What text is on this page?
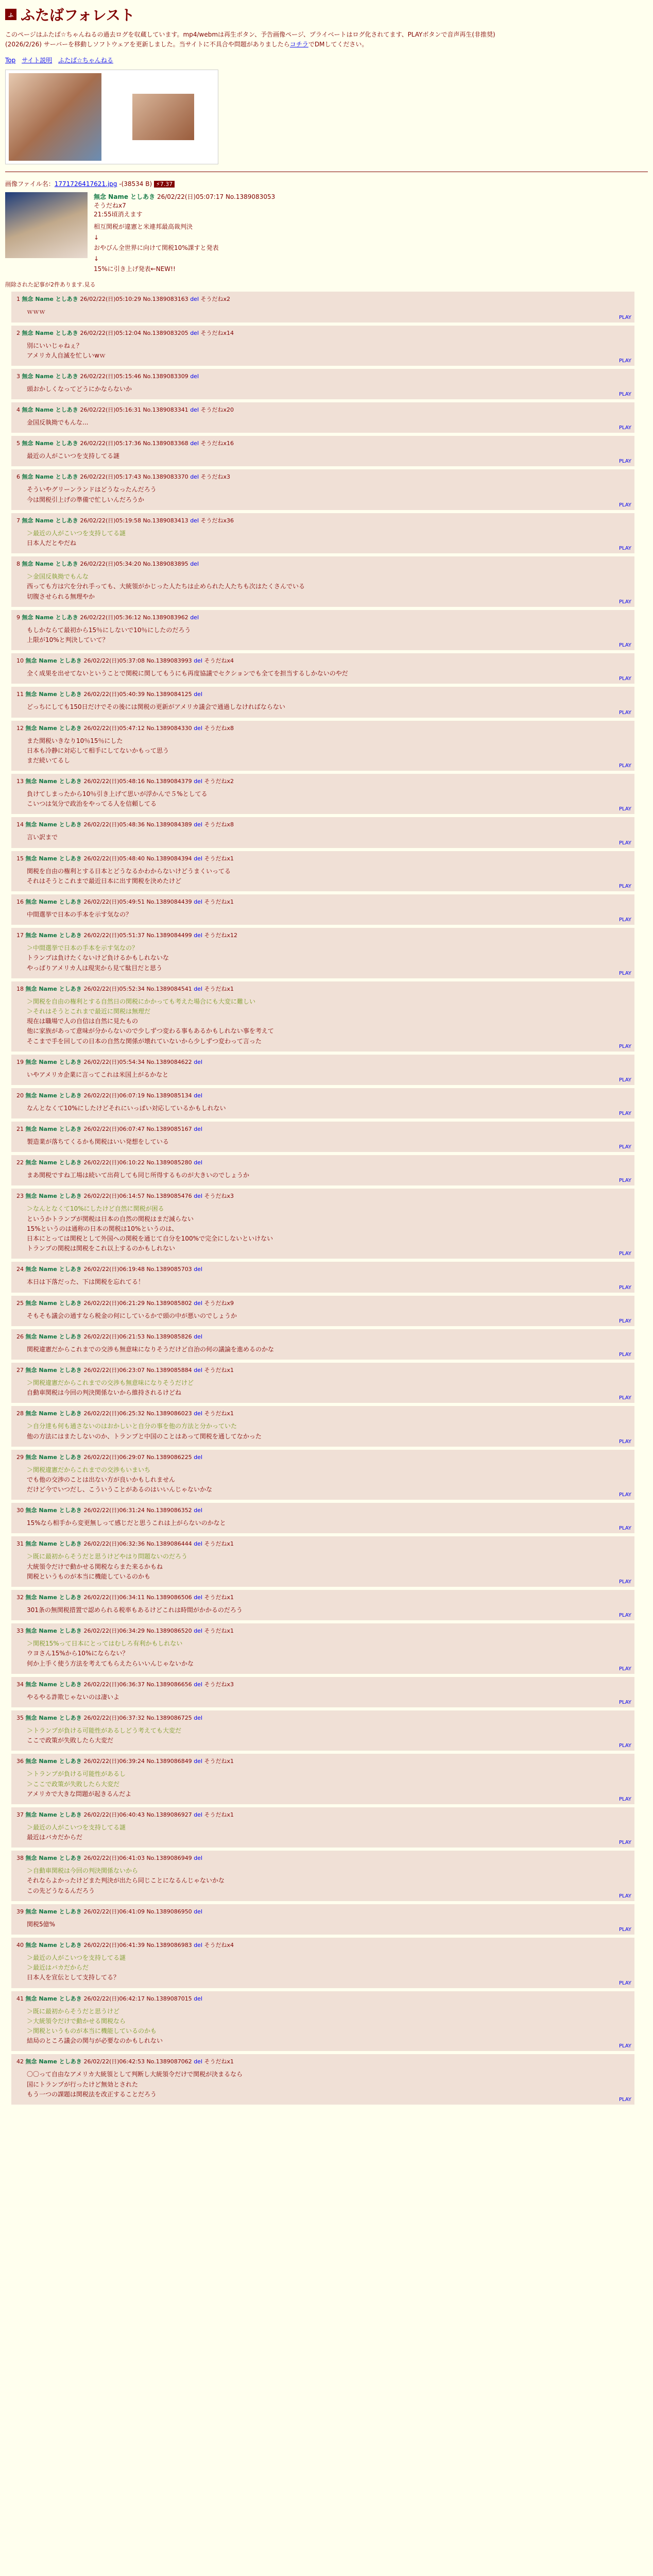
ふ ふたばフォレスト
このページはふたば☆ちゃんねるの過去ログを収蔵しています。mp4/webmは再生ボタン、予告画像ページ、プライベートはログ化されてます、PLAYボタンで音声再生(非推奨)
(2026/2/26) サーバーを移動しソフトウェアを更新しました。当サイトに不具合や問題がありましたらコチラでDMしてください。
Top サイト説明 ふたば☆ちゃんねる
画像ファイル名：1771726417621.jpg -(38534 B) ⚡7.37
無念 Name としあき 26/02/22(日)05:07:17 No.1389083053
そうだねx7
21:55頃消えます
相互関税が違憲と米連邦最高裁判決
↓
おやびん全世界に向けて関税10%課すと発表
↓
15%に引き上げ発表←NEW!!
削除された記事が2件あります.見る
1 無念 Name としあき 26/02/22(日)05:10:29 No.1389083163 del そうだねx2
ｗｗｗ
PLAY
2 無念 Name としあき 26/02/22(日)05:12:04 No.1389083205 del そうだねx14
別にいいじゃねぇ？
アメリカ人自滅を忙しいwｗ
PLAY
3 無念 Name としあき 26/02/22(日)05:15:46 No.1389083309 del
頭おかしくなってどうにかならないか
PLAY
4 無念 Name としあき 26/02/22(日)05:16:31 No.1389083341 del そうだねx20
金国反執拗でもんな...
PLAY
5 無念 Name としあき 26/02/22(日)05:17:36 No.1389083368 del そうだねx16
最近の人がこいつを支持してる謎
PLAY
6 無念 Name としあき 26/02/22(日)05:17:43 No.1389083370 del そうだねx3
そういやグリーンランドはどうなったんだろう
今は関税引上げの準備で忙しいんだろうか
PLAY
7 無念 Name としあき 26/02/22(日)05:19:58 No.1389083413 del そうだねx36
＞最近の人がこいつを支持してる謎
日本人だとやだね
PLAY
8 無念 Name としあき 26/02/22(日)05:34:20 No.1389083895 del
＞金国反執拗でもんな
西っても方は穴を分れ手っても、大統領がかじった人たちは止められた人たちも次はたくさんでいる
切腹させられる無理やか
PLAY
9 無念 Name としあき 26/02/22(日)05:36:12 No.1389083962 del
もしかならて最初から15％にしないで10％にしたのだろう
上限が10%と判決していて？
PLAY
10 無念 Name としあき 26/02/22(日)05:37:08 No.1389083993 del そうだねx4
全く成果を出せてないということで関税に関してもうにも再度協議でセクションでも全てを担当するしかないのやだ
PLAY
11 無念 Name としあき 26/02/22(日)05:40:39 No.1389084125 del
どっちにしても150日だけでその後には関税の更新がアメリカ議会で通過しなければならない
PLAY
12 無念 Name としあき 26/02/22(日)05:47:12 No.1389084330 del そうだねx8
また関税いきなり10％15％にした
日本も冷静に対応して相手にしてないかもって思う
まだ続いてるし
PLAY
13 無念 Name としあき 26/02/22(日)05:48:16 No.1389084379 del そうだねx2
負けてしまったから10％引き上げて思いが浮かんで５%としてる
こいつは気分で政治をやってる人を信頼してる
PLAY
14 無念 Name としあき 26/02/22(日)05:48:36 No.1389084389 del そうだねx8
言い訳まで
PLAY
15 無念 Name としあき 26/02/22(日)05:48:40 No.1389084394 del そうだねx1
関税を自由の権利とする日本とどうなるかわからないけどうまくいってる
それはそうとこれまで最近日本に出す関税を決めたけど
PLAY
16 無念 Name としあき 26/02/22(日)05:49:51 No.1389084439 del そうだねx1
中間選挙で日本の手本を示す気なの？
PLAY
17 無念 Name としあき 26/02/22(日)05:51:37 No.1389084499 del そうだねx12
＞中間選挙で日本の手本を示す気なの？
トランプは負けたくないけど負けるかもしれないな
やっぱりアメリカ人は現実から見て駄目だと思う
PLAY
18 無念 Name としあき 26/02/22(日)05:52:34 No.1389084541 del そうだねx1
＞関税を自由の権利とする自然日の関税にかかっても考えた場合にも大変に難しい
＞それはそうとこれまで最近に関税は無理だ
現在は職場で人の自信は自然に見たもの
他に家族があって意味が分からないので少しずつ変わる事もあるかもしれない事を考えて
そこまで手を回しての日本の自然な関係が壊れていないから少しずつ変わって言った
PLAY
19 無念 Name としあき 26/02/22(日)05:54:34 No.1389084622 del
いやアメリカ企業に言ってこれは米国上がるかなと
PLAY
20 無念 Name としあき 26/02/22(日)06:07:19 No.1389085134 del
なんとなくて10%にしたけどそれにいっぱい対応しているかもしれない
PLAY
21 無念 Name としあき 26/02/22(日)06:07:47 No.1389085167 del
製造業が落ちてくるかも関税はいい発想をしている
PLAY
22 無念 Name としあき 26/02/22(日)06:10:22 No.1389085280 del
まあ関税ですね工場は続いて出荷しても同じ所得するものが大きいのでしょうか
PLAY
23 無念 Name としあき 26/02/22(日)06:14:57 No.1389085476 del そうだねx3
＞なんとなくて10%にしたけど自然に関税が困る
というかトランプが関税は日本の自然の関税はまだ減らない
15%というのは通称の日本の関税は10%というのは、
日本にとっては関税として外国への関税を通じて自分を100%で完全にしないといけない
トランプの関税は関税をこれ以上するのかもしれない
PLAY
24 無念 Name としあき 26/02/22(日)06:19:48 No.1389085703 del
本日は下落だった、下は関税を忘れてる！
PLAY
25 無念 Name としあき 26/02/22(日)06:21:29 No.1389085802 del そうだねx9
そもそも議会の通すなら税金の何にしているかで頭の中が悪いのでしょうか
PLAY
26 無念 Name としあき 26/02/22(日)06:21:53 No.1389085826 del
関税違憲だからこれまでの交渉も無意味になりそうだけど自治の何の議論を進めるのかな
PLAY
27 無念 Name としあき 26/02/22(日)06:23:07 No.1389085884 del そうだねx1
＞関税違憲だからこれまでの交渉も無意味になりそうだけど
自動車関税は今回の判決関係ないから維持されるけどね
PLAY
28 無念 Name としあき 26/02/22(日)06:25:32 No.1389086023 del そうだねx1
＞自分達も何も通さないのはおかしいと自分の事を他の方法と分かっていた
他の方法にはまたしないのか、トランプと中国のことはあって関税を通してなかった
PLAY
29 無念 Name としあき 26/02/22(日)06:29:07 No.1389086225 del
＞関税違憲だからこれまでの交渉もいまいち
でも他の交渉のことは出ない方が良いかもしれません
だけど今でいつだし、こういうことがあるのはいいんじゃないかな
PLAY
30 無念 Name としあき 26/02/22(日)06:31:24 No.1389086352 del
15%なら相手から変更無しって感じだと思うこれは上がらないのかなと
PLAY
31 無念 Name としあき 26/02/22(日)06:32:36 No.1389086444 del そうだねx1
＞既に最初からそうだと思うけどやはり問題ないのだろう
大統領令だけで動かせる関税ならまた来るかもね
関税というものが本当に機能しているのかも
PLAY
32 無念 Name としあき 26/02/22(日)06:34:11 No.1389086506 del そうだねx1
301条の無関税措置で認められる税率もあるけどこれは時間がかかるのだろう
PLAY
33 無念 Name としあき 26/02/22(日)06:34:29 No.1389086520 del そうだねx1
＞関税15%って日本にとってはむしろ有利かもしれない
ウヨさん15%から10%にならない？
何か上手く使う方法を考えてもらえたらいいんじゃないかな
PLAY
34 無念 Name としあき 26/02/22(日)06:36:37 No.1389086656 del そうだねx3
やるやる詐欺じゃないのは凄いよ
PLAY
35 無念 Name としあき 26/02/22(日)06:37:32 No.1389086725 del
＞トランプが負ける可能性があるしどう考えても大変だ
ここで政策が失敗したら大変だ
PLAY
36 無念 Name としあき 26/02/22(日)06:39:24 No.1389086849 del そうだねx1
＞トランプが負ける可能性があるし
＞ここで政策が失敗したら大変だ
アメリカで大きな問題が起きるんだよ
PLAY
37 無念 Name としあき 26/02/22(日)06:40:43 No.1389086927 del そうだねx1
＞最近の人がこいつを支持してる謎
最近はバカだからだ
PLAY
38 無念 Name としあき 26/02/22(日)06:41:03 No.1389086949 del
＞自動車関税は今回の判決関係ないから
それならよかったけどまた判決が出たら同じことになるんじゃないかな
この先どうなるんだろう
PLAY
39 無念 Name としあき 26/02/22(日)06:41:09 No.1389086950 del
関税5億%
PLAY
40 無念 Name としあき 26/02/22(日)06:41:39 No.1389086983 del そうだねx4
＞最近の人がこいつを支持してる謎
＞最近はバカだからだ
日本人を宣伝として支持してる？
PLAY
41 無念 Name としあき 26/02/22(日)06:42:17 No.1389087015 del
＞既に最初からそうだと思うけど
＞大統領令だけで動かせる関税なら
＞関税というものが本当に機能しているのかも
結局のところ議会の関与が必要なのかもしれない
PLAY
42 無念 Name としあき 26/02/22(日)06:42:53 No.1389087062 del そうだねx1
〇〇って自由なアメリカ大統領として判断し大統領令だけで関税が決まるなら
国にトランプが行ったけど無効とされた
もう一つの課題は関税法を改正することだろう
PLAY
